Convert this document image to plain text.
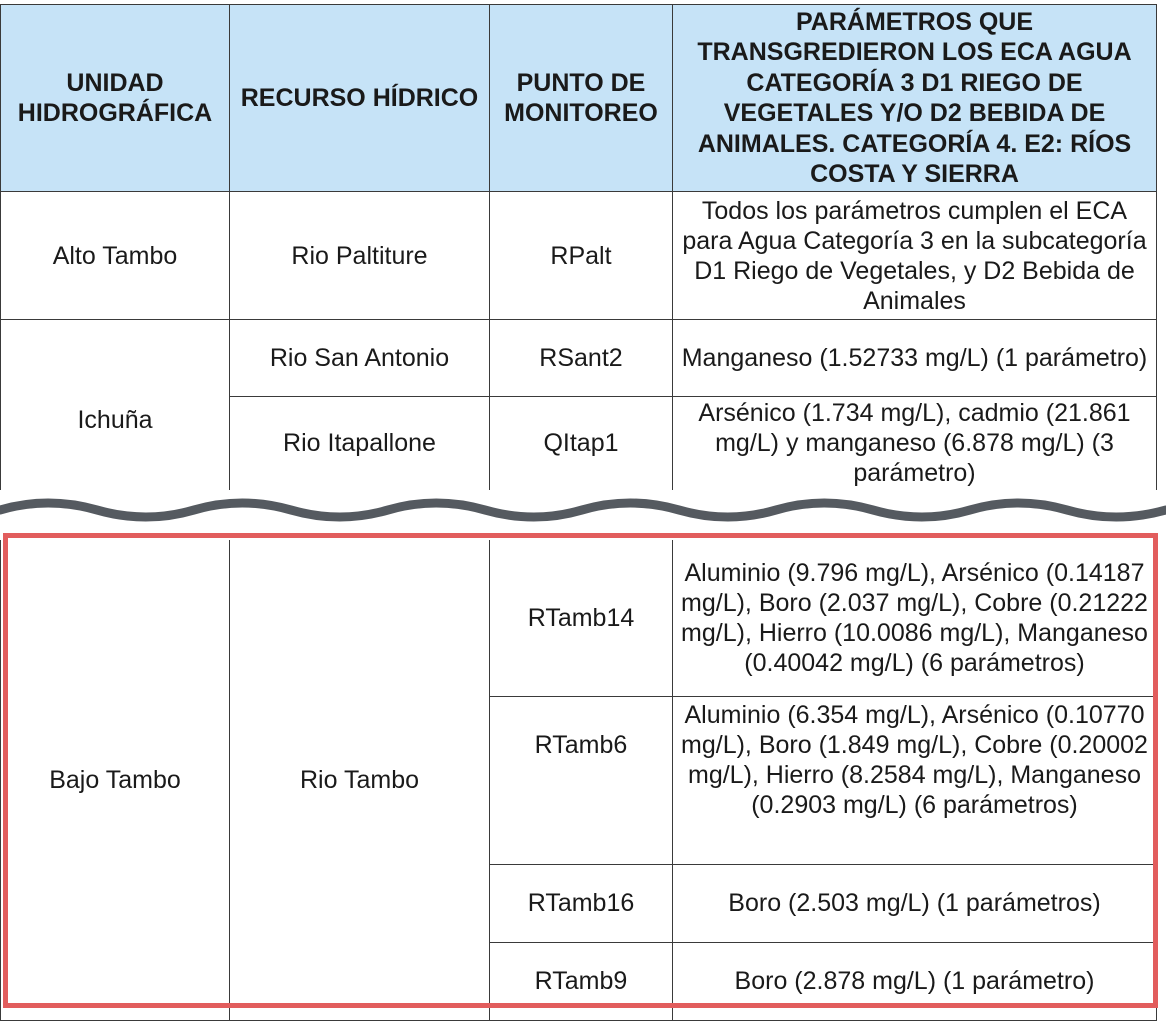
UNIDAD HIDROGRÁFICA	RECURSO HÍDRICO	PUNTO DE MONITOREO	PARÁMETROS QUE TRANSGREDIERON LOS ECA AGUA CATEGORÍA 3 D1 RIEGO DE VEGETALES Y/O D2 BEBIDA DE ANIMALES. CATEGORÍA 4. E2: RÍOS COSTA Y SIERRA
Alto Tambo	Rio Paltiture	RPalt	Todos los parámetros cumplen el ECA para Agua Categoría 3 en la subcategoría D1 Riego de Vegetales, y D2 Bebida de Animales
Ichuña	Rio San Antonio	RSant2	Manganeso (1.52733 mg/L) (1 parámetro)
	Rio Itapallone	QItap1	Arsénico (1.734 mg/L), cadmio (21.861 mg/L) y manganeso (6.878 mg/L) (3 parámetro)
Bajo Tambo	Rio Tambo	RTamb14	Aluminio (9.796 mg/L), Arsénico (0.14187 mg/L), Boro (2.037 mg/L), Cobre (0.21222 mg/L), Hierro (10.0086 mg/L), Manganeso (0.40042 mg/L) (6 parámetros)
		RTamb6	Aluminio (6.354 mg/L), Arsénico (0.10770 mg/L), Boro (1.849 mg/L), Cobre (0.20002 mg/L), Hierro (8.2584 mg/L), Manganeso (0.2903 mg/L) (6 parámetros)
		RTamb16	Boro (2.503 mg/L) (1 parámetros)
		RTamb9	Boro (2.878 mg/L) (1 parámetro)
